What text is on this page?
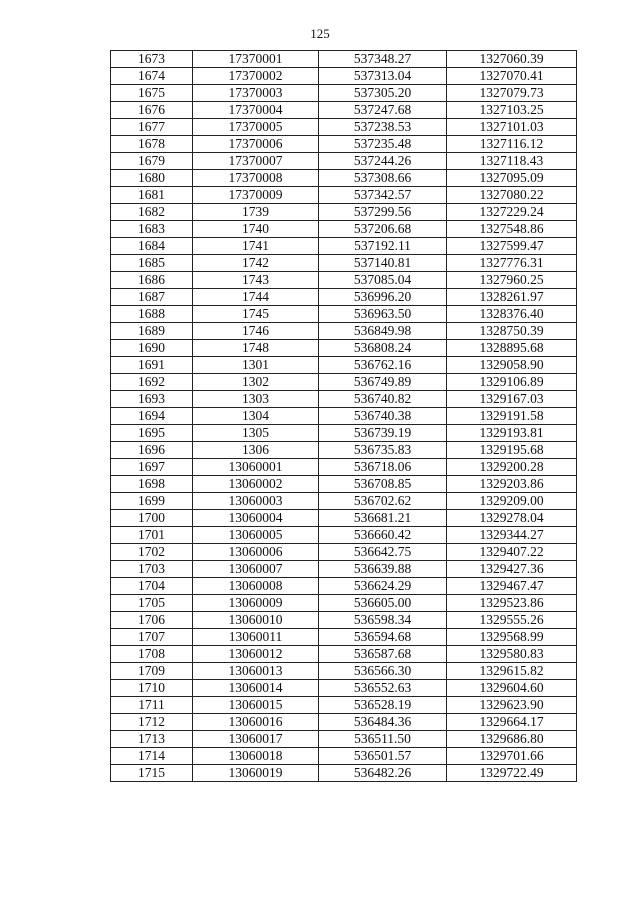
125
1673	17370001	537348.27	1327060.39
1674	17370002	537313.04	1327070.41
1675	17370003	537305.20	1327079.73
1676	17370004	537247.68	1327103.25
1677	17370005	537238.53	1327101.03
1678	17370006	537235.48	1327116.12
1679	17370007	537244.26	1327118.43
1680	17370008	537308.66	1327095.09
1681	17370009	537342.57	1327080.22
1682	1739	537299.56	1327229.24
1683	1740	537206.68	1327548.86
1684	1741	537192.11	1327599.47
1685	1742	537140.81	1327776.31
1686	1743	537085.04	1327960.25
1687	1744	536996.20	1328261.97
1688	1745	536963.50	1328376.40
1689	1746	536849.98	1328750.39
1690	1748	536808.24	1328895.68
1691	1301	536762.16	1329058.90
1692	1302	536749.89	1329106.89
1693	1303	536740.82	1329167.03
1694	1304	536740.38	1329191.58
1695	1305	536739.19	1329193.81
1696	1306	536735.83	1329195.68
1697	13060001	536718.06	1329200.28
1698	13060002	536708.85	1329203.86
1699	13060003	536702.62	1329209.00
1700	13060004	536681.21	1329278.04
1701	13060005	536660.42	1329344.27
1702	13060006	536642.75	1329407.22
1703	13060007	536639.88	1329427.36
1704	13060008	536624.29	1329467.47
1705	13060009	536605.00	1329523.86
1706	13060010	536598.34	1329555.26
1707	13060011	536594.68	1329568.99
1708	13060012	536587.68	1329580.83
1709	13060013	536566.30	1329615.82
1710	13060014	536552.63	1329604.60
1711	13060015	536528.19	1329623.90
1712	13060016	536484.36	1329664.17
1713	13060017	536511.50	1329686.80
1714	13060018	536501.57	1329701.66
1715	13060019	536482.26	1329722.49
